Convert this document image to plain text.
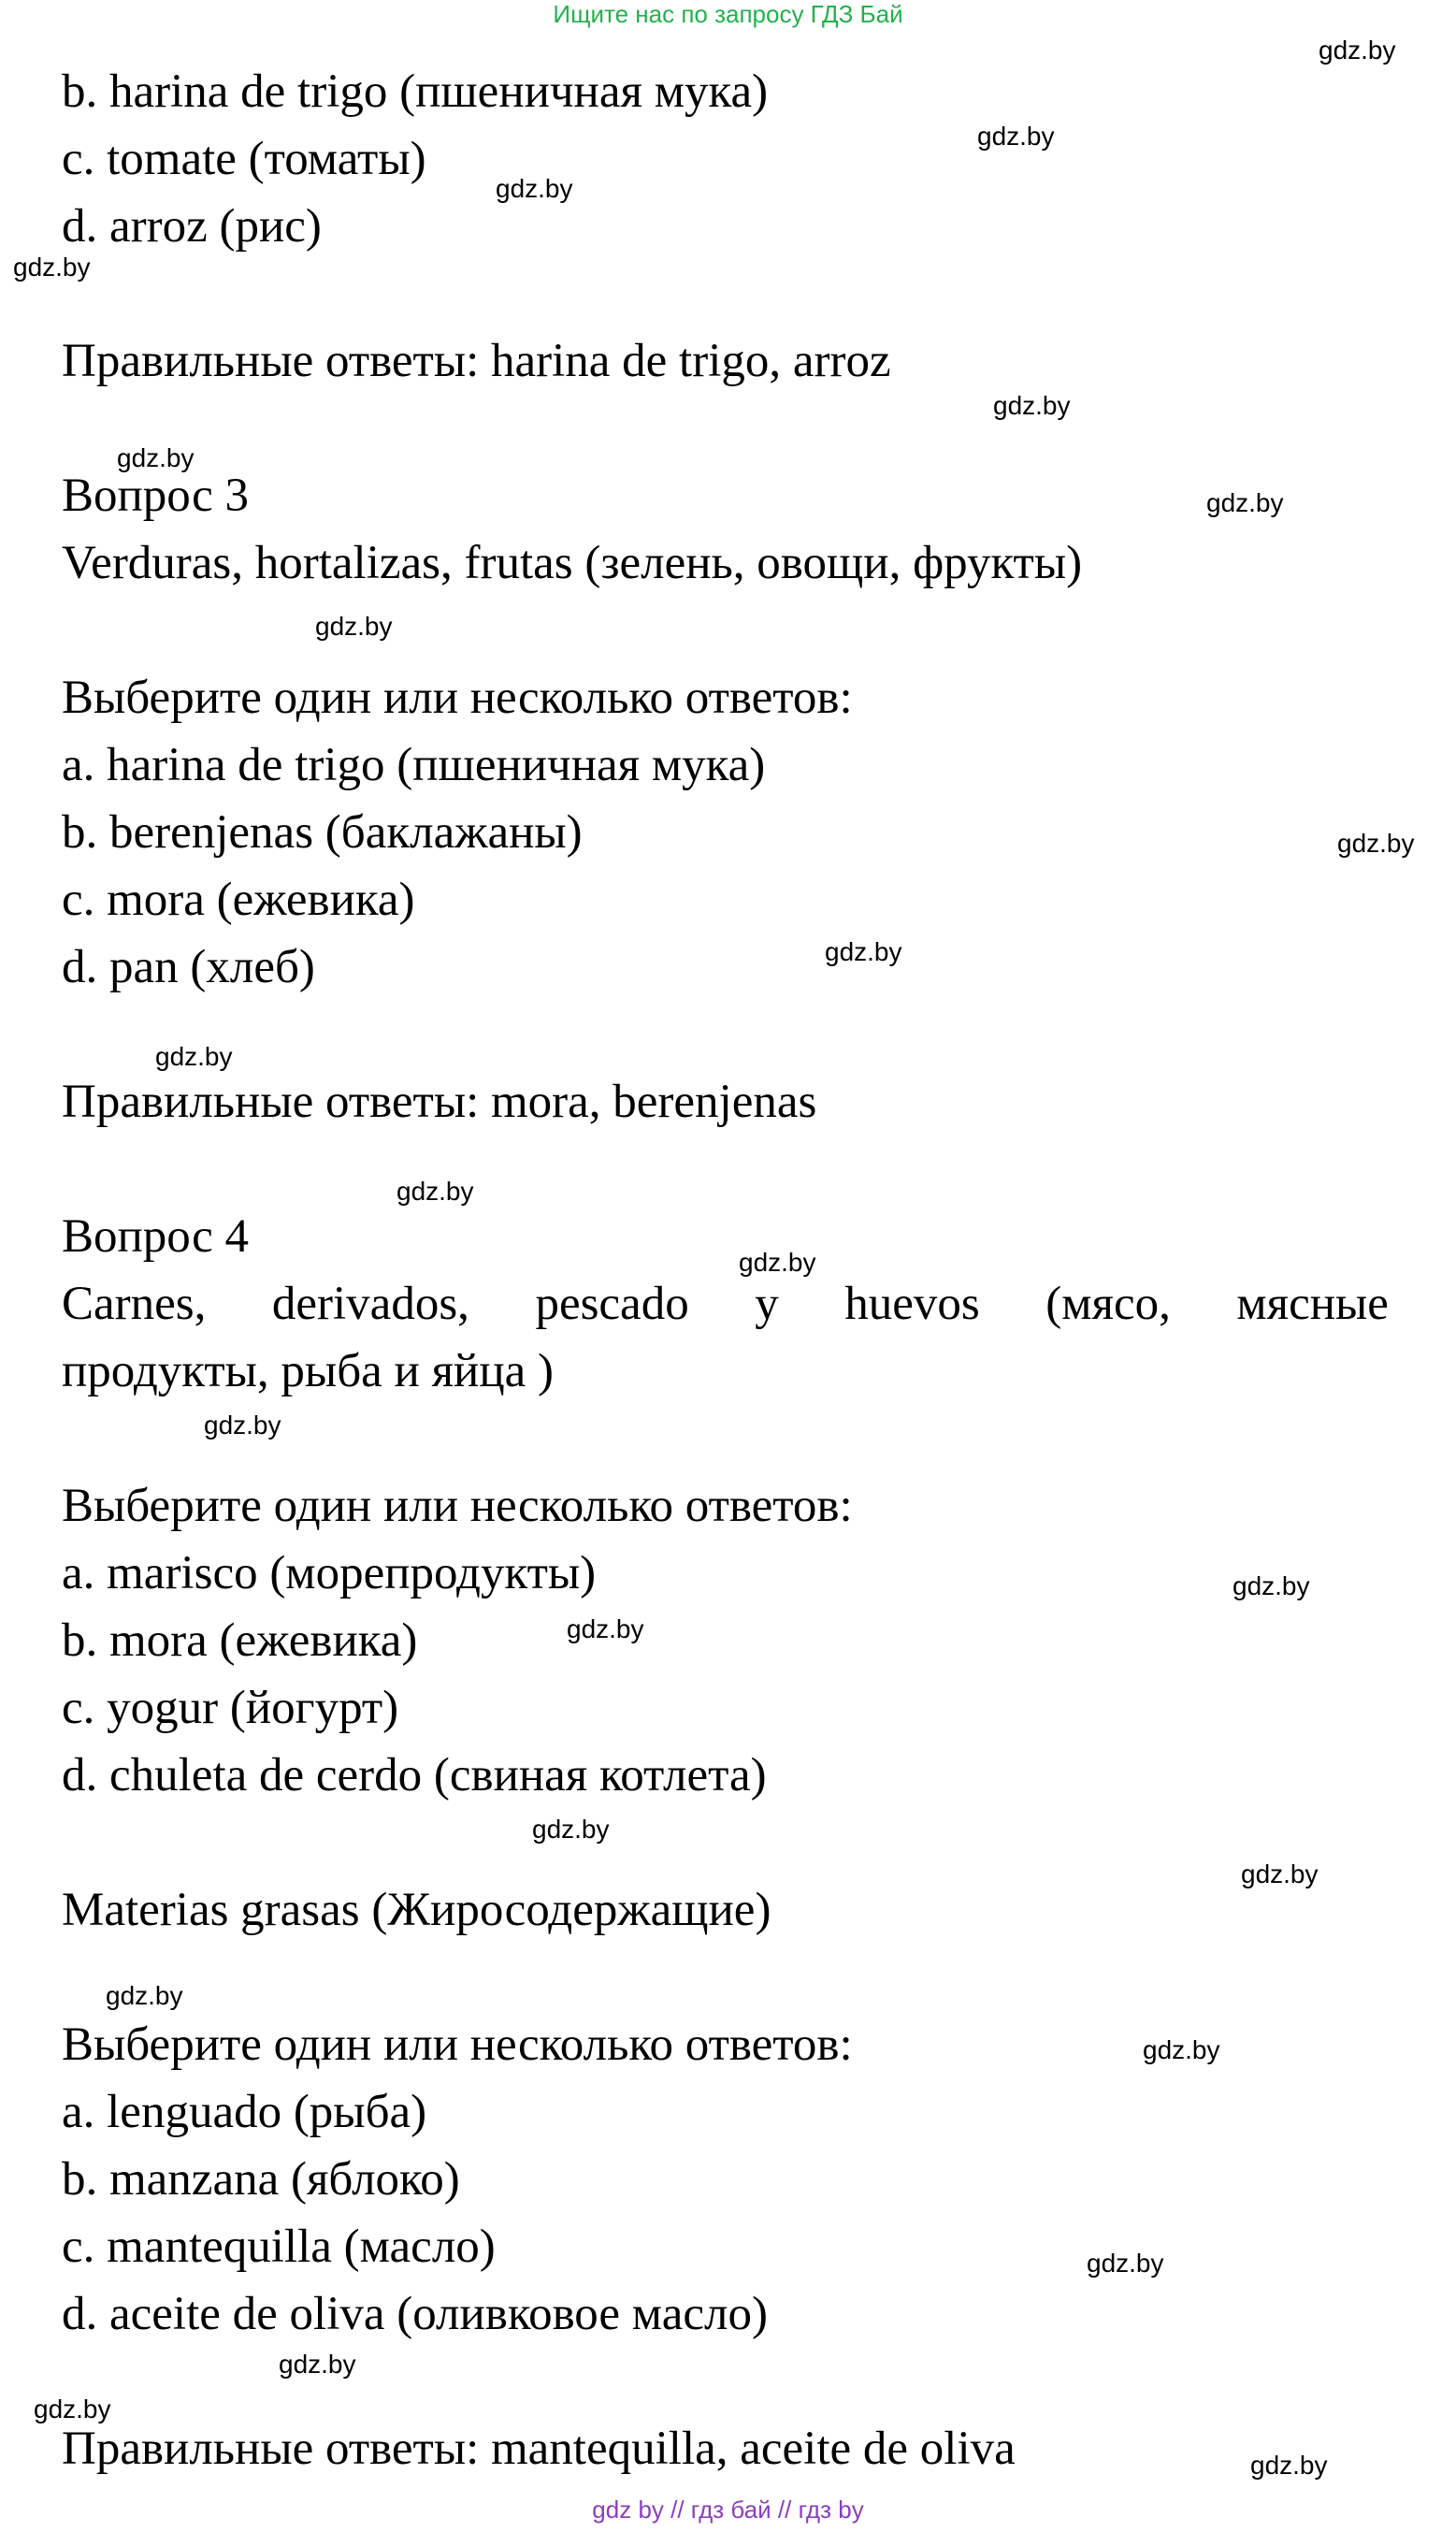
Ищите нас по запросу ГДЗ Бай

b. harina de trigo (пшеничная мука)

c. tomate (томаты)

d. arroz (рис)

Правильные ответы: harina de trigo, arroz

Вопрос 3

Verduras, hortalizas, frutas (зелень, овощи, фрукты)

Выберите один или несколько ответов:

a. harina de trigo (пшеничная мука)

b. berenjenas (баклажаны)

c. mora (ежевика)

d. pan (хлеб)

Правильные ответы: mora, berenjenas

Вопрос 4

Carnes, derivados, pescado y huevos (мясо, мясные

продукты, рыба и яйца )

Выберите один или несколько ответов:

a. marisco (морепродукты)

b. mora (ежевика)

c. yogur (йогурт)

d. chuleta de cerdo (свиная котлета)

Materias grasas (Жиросодержащие)

Выберите один или несколько ответов:

a. lenguado (рыба)

b. manzana (яблоко)

c. mantequilla (масло)

d. aceite de oliva (оливковое масло)

Правильные ответы: mantequilla, aceite de oliva

gdz.by
gdz.by
gdz.by
gdz.by
gdz.by
gdz.by
gdz.by
gdz.by
gdz.by
gdz.by
gdz.by
gdz.by
gdz.by
gdz.by
gdz.by
gdz.by
gdz.by
gdz.by
gdz.by
gdz.by
gdz.by
gdz.by
gdz.by
gdz.by
gdz by // гдз бай // гдз by
